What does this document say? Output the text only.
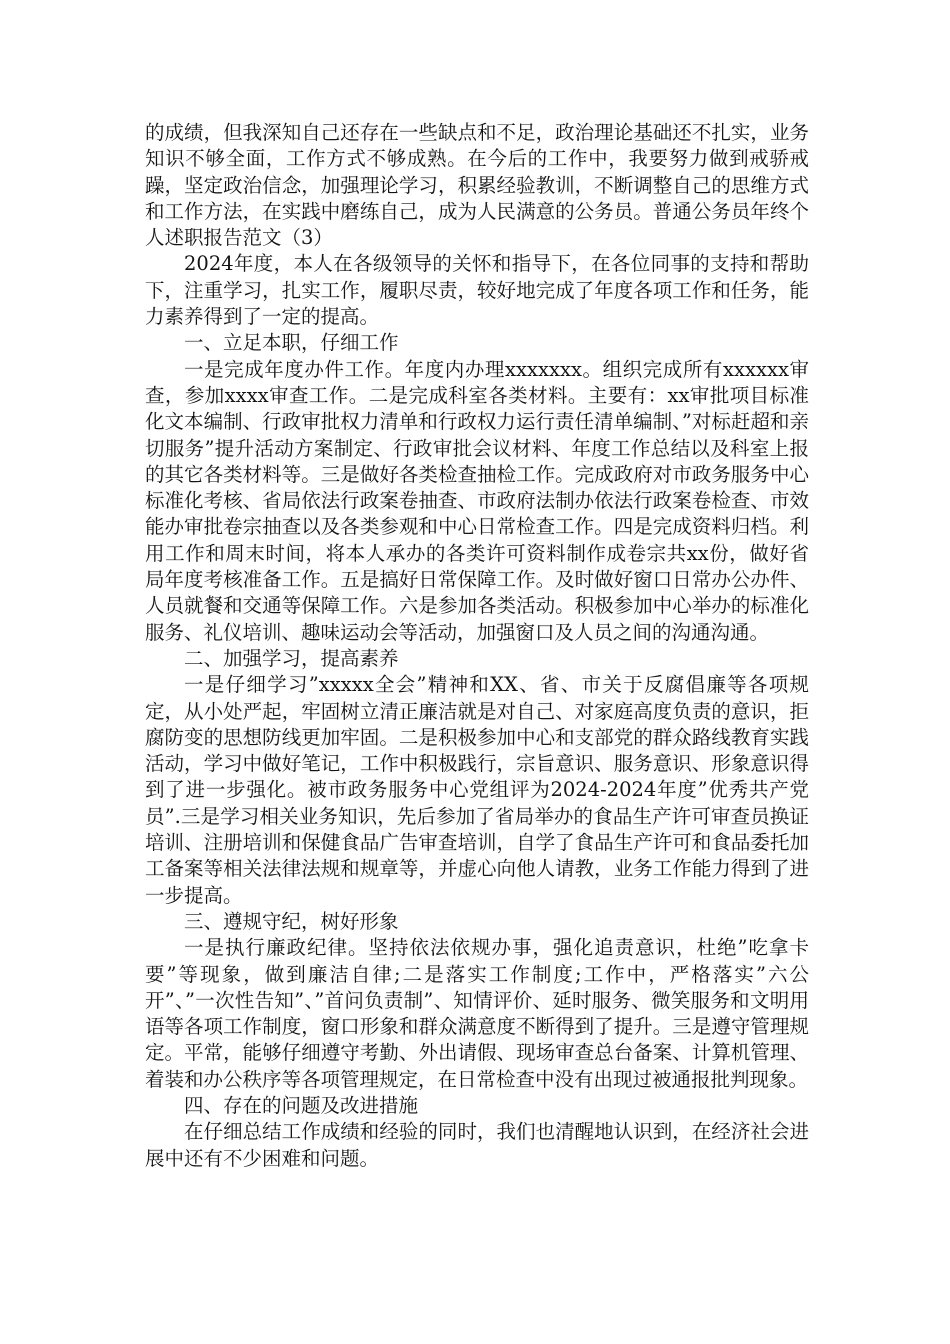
的成绩，但我深知自己还存在一些缺点和不足，政治理论基础还不扎实，业务知识不够全面，工作方式不够成熟。在今后的工作中，我要努力做到戒骄戒躁，坚定政治信念，加强理论学习，积累经验教训，不断调整自己的思维方式和工作方法，在实践中磨练自己，成为人民满意的公务员。普通公务员年终个人述职报告范文（3）

2024年度，本人在各级领导的关怀和指导下，在各位同事的支持和帮助下，注重学习，扎实工作，履职尽责，较好地完成了年度各项工作和任务，能力素养得到了一定的提高。

一、立足本职，仔细工作

一是完成年度办件工作。年度内办理xxxxxxx。组织完成所有xxxxxx审查，参加xxxx审查工作。二是完成科室各类材料。主要有：xx审批项目标准化文本编制、行政审批权力清单和行政权力运行责任清单编制、”对标赶超和亲切服务”提升活动方案制定、行政审批会议材料、年度工作总结以及科室上报的其它各类材料等。三是做好各类检查抽检工作。完成政府对市政务服务中心标准化考核、省局依法行政案卷抽查、市政府法制办依法行政案卷检查、市效能办审批卷宗抽查以及各类参观和中心日常检查工作。四是完成资料归档。利用工作和周末时间，将本人承办的各类许可资料制作成卷宗共xx份，做好省局年度考核准备工作。五是搞好日常保障工作。及时做好窗口日常办公办件、人员就餐和交通等保障工作。六是参加各类活动。积极参加中心举办的标准化服务、礼仪培训、趣味运动会等活动，加强窗口及人员之间的沟通沟通。

二、加强学习，提高素养

一是仔细学习”xxxxx全会”精神和XX、省、市关于反腐倡廉等各项规定，从小处严起，牢固树立清正廉洁就是对自己、对家庭高度负责的意识，拒腐防变的思想防线更加牢固。二是积极参加中心和支部党的群众路线教育实践活动，学习中做好笔记，工作中积极践行，宗旨意识、服务意识、形象意识得到了进一步强化。被市政务服务中心党组评为2024-2024年度”优秀共产党员”.三是学习相关业务知识，先后参加了省局举办的食品生产许可审查员换证培训、注册培训和保健食品广告审查培训，自学了食品生产许可和食品委托加工备案等相关法律法规和规章等，并虚心向他人请教，业务工作能力得到了进一步提高。

三、遵规守纪，树好形象

一是执行廉政纪律。坚持依法依规办事，强化追责意识，杜绝”吃拿卡要”等现象，做到廉洁自律;二是落实工作制度;工作中，严格落实”六公开”、”一次性告知”、”首问负责制”、知情评价、延时服务、微笑服务和文明用语等各项工作制度，窗口形象和群众满意度不断得到了提升。三是遵守管理规定。平常，能够仔细遵守考勤、外出请假、现场审查总台备案、计算机管理、着装和办公秩序等各项管理规定，在日常检查中没有出现过被通报批判现象。

四、存在的问题及改进措施

在仔细总结工作成绩和经验的同时，我们也清醒地认识到，在经济社会进展中还有不少困难和问题。
